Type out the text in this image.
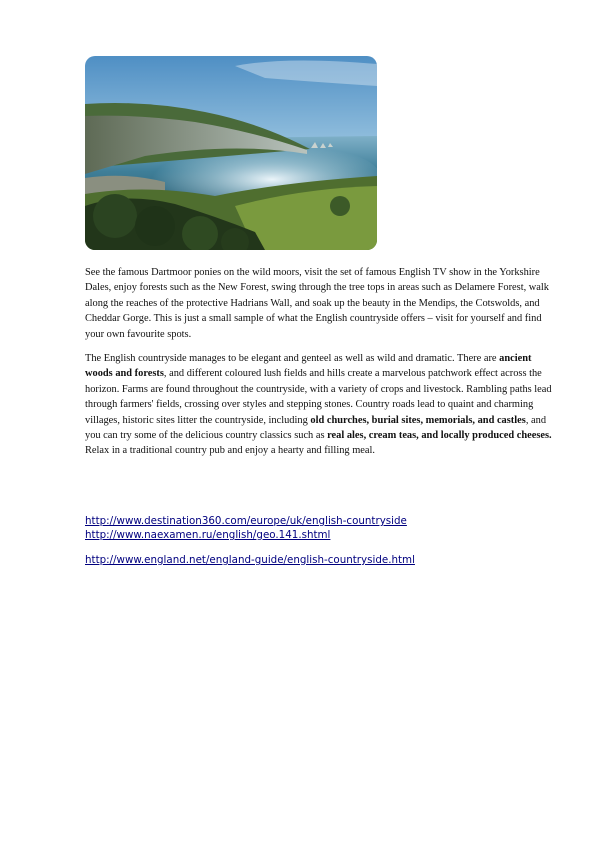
See the famous Dartmoor ponies on the wild moors, visit the set of famous English TV show in the Yorkshire Dales, enjoy forests such as the New Forest, swing through the tree tops in areas such as Delamere Forest, walk along the reaches of the protective Hadrians Wall, and soak up the beauty in the Mendips, the Cotswolds, and Cheddar Gorge. This is just a small sample of what the English countryside offers – visit for yourself and find your own favourite spots.

The English countryside manages to be elegant and genteel as well as wild and dramatic. There are ancient woods and forests, and different coloured lush fields and hills create a marvelous patchwork effect across the horizon. Farms are found throughout the countryside, with a variety of crops and livestock. Rambling paths lead through farmers' fields, crossing over styles and stepping stones. Country roads lead to quaint and charming villages, historic sites litter the countryside, including old churches, burial sites, memorials, and castles, and you can try some of the delicious country classics such as real ales, cream teas, and locally produced cheeses. Relax in a traditional country pub and enjoy a hearty and filling meal.

http://www.destination360.com/europe/uk/english-countryside
http://www.naexamen.ru/english/geo.141.shtml
http://www.england.net/england-guide/english-countryside.html
